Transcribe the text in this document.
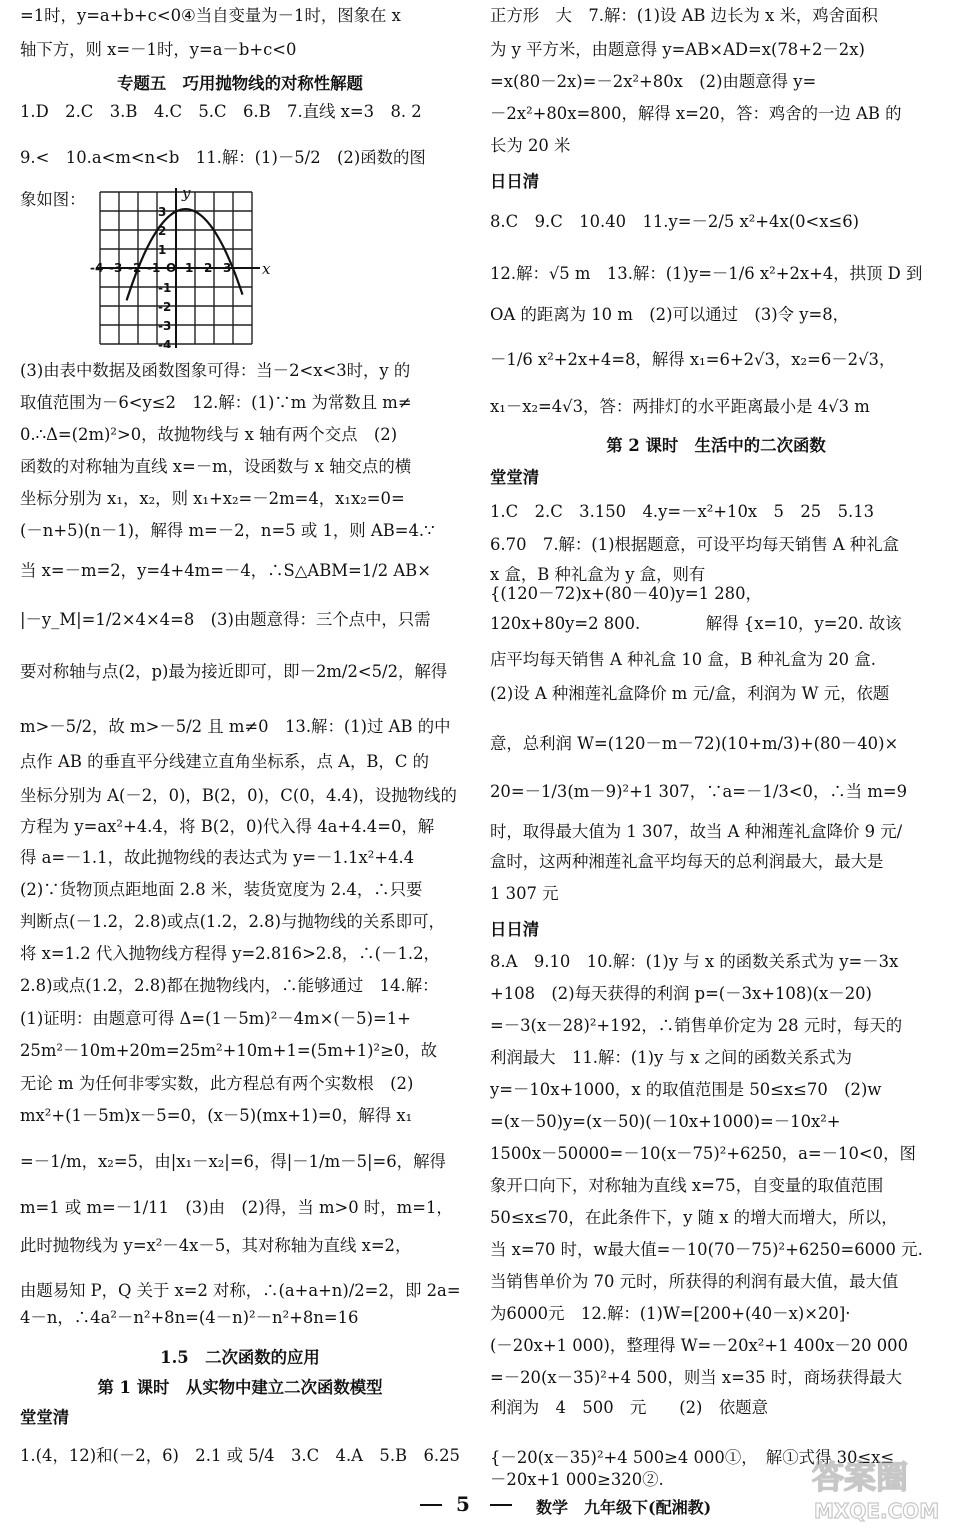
=1时，y=a+b+c<0④当自变量为－1时，图象在 x
轴下方，则 x=－1时，y=a－b+c<0
专题五　巧用抛物线的对称性解题
1.D　2.C　3.B　4.C　5.C　6.B　7.直线 x=3　8. 2
9.<　10.a<m<n<b　11.解：(1)－5/2　(2)函数的图
象如图：
(3)由表中数据及函数图象可得：当－2<x<3时，y 的
取值范围为－6<y≤2　12.解：(1)∵m 为常数且 m≠
0.∴Δ=(2m)²>0，故抛物线与 x 轴有两个交点　(2)
函数的对称轴为直线 x=－m，设函数与 x 轴交点的横
坐标分别为 x₁，x₂，则 x₁+x₂=－2m=4，x₁x₂=0=
(－n+5)(n－1)，解得 m=－2，n=5 或 1，则 AB=4.∵
当 x=－m=2，y=4+4m=－4，∴S△ABM=1/2 AB×
|－y_M|=1/2×4×4=8　(3)由题意得：三个点中，只需
要对称轴与点(2，p)最为接近即可，即－2m/2<5/2，解得
m>－5/2，故 m>－5/2 且 m≠0　13.解：(1)过 AB 的中
点作 AB 的垂直平分线建立直角坐标系，点 A，B，C 的
坐标分别为 A(－2，0)，B(2，0)，C(0，4.4)，设抛物线的
方程为 y=ax²+4.4，将 B(2，0)代入得 4a+4.4=0，解
得 a=－1.1，故此抛物线的表达式为 y=－1.1x²+4.4
(2)∵货物顶点距地面 2.8 米，装货宽度为 2.4，∴只要
判断点(－1.2，2.8)或点(1.2，2.8)与抛物线的关系即可，
将 x=1.2 代入抛物线方程得 y=2.816>2.8，∴(－1.2，
2.8)或点(1.2，2.8)都在抛物线内，∴能够通过　14.解：
(1)证明：由题意可得 Δ=(1－5m)²－4m×(－5)=1+
25m²－10m+20m=25m²+10m+1=(5m+1)²≥0，故
无论 m 为任何非零实数，此方程总有两个实数根　(2)
mx²+(1－5m)x－5=0，(x－5)(mx+1)=0，解得 x₁
=－1/m，x₂=5，由|x₁－x₂|=6，得|－1/m－5|=6，解得
m=1 或 m=－1/11　(3)由　(2)得，当 m>0 时，m=1，
此时抛物线为 y=x²－4x－5，其对称轴为直线 x=2，
由题易知 P，Q 关于 x=2 对称，∴(a+a+n)/2=2，即 2a=
4－n，∴4a²－n²+8n=(4－n)²－n²+8n=16
1.5　二次函数的应用
第 1 课时　从实物中建立二次函数模型
堂堂清
1.(4，12)和(－2，6)　2.1 或 5/4　3.C　4.A　5.B　6.25
正方形　大　7.解：(1)设 AB 边长为 x 米，鸡舍面积
为 y 平方米，由题意得 y=AB×AD=x(78+2－2x)
=x(80－2x)=－2x²+80x　(2)由题意得 y=
－2x²+80x=800，解得 x=20，答：鸡舍的一边 AB 的
长为 20 米
日日清
8.C　9.C　10.40　11.y=－2/5 x²+4x(0<x≤6)
12.解：√5 m　13.解：(1)y=－1/6 x²+2x+4，拱顶 D 到
OA 的距离为 10 m　(2)可以通过　(3)令 y=8，
－1/6 x²+2x+4=8，解得 x₁=6+2√3，x₂=6－2√3，
x₁－x₂=4√3，答：两排灯的水平距离最小是 4√3 m
第 2 课时　生活中的二次函数
堂堂清
1.C　2.C　3.150　4.y=－x²+10x　5　25　5.13
6.70　7.解：(1)根据题意，可设平均每天销售 A 种礼盒
x 盒，B 种礼盒为 y 盒，则有
{(120－72)x+(80－40)y=1 280，
120x+80y=2 800.　　　　解得 {x=10，y=20. 故该
店平均每天销售 A 种礼盒 10 盒，B 种礼盒为 20 盒.
(2)设 A 种湘莲礼盒降价 m 元/盒，利润为 W 元，依题
意，总利润 W=(120－m－72)(10+m/3)+(80－40)×
20=－1/3(m－9)²+1 307，∵a=－1/3<0，∴当 m=9
时，取得最大值为 1 307，故当 A 种湘莲礼盒降价 9 元/
盒时，这两种湘莲礼盒平均每天的总利润最大，最大是
1 307 元
日日清
8.A　9.10　10.解：(1)y 与 x 的函数关系式为 y=－3x
+108　(2)每天获得的利润 p=(－3x+108)(x－20)
=－3(x－28)²+192，∴销售单价定为 28 元时，每天的
利润最大　11.解：(1)y 与 x 之间的函数关系式为
y=－10x+1000，x 的取值范围是 50≤x≤70　(2)w
=(x－50)y=(x－50)(－10x+1000)=－10x²+
1500x－50000=－10(x－75)²+6250，a=－10<0，图
象开口向下，对称轴为直线 x=75，自变量的取值范围
50≤x≤70，在此条件下，y 随 x 的增大而增大，所以，
当 x=70 时，w最大值=－10(70－75)²+6250=6000 元.
当销售单价为 70 元时，所获得的利润有最大值，最大值
为6000元　12.解：(1)W=[200+(40－x)×20]·
(－20x+1 000)，整理得 W=－20x²+1 400x－20 000
=－20(x－35)²+4 500，则当 x=35 时，商场获得最大
利润为　4　500　元　　(2)　依题意
{－20(x－35)²+4 500≥4 000①，　解①式得 30≤x≤
－20x+1 000≥320②.
-4 -3 -2 -1 O 1 2 3
3
2
1
-1
-2
-3
-4
x
y
5	数学　九年级下(配湘教)
答案圈
MXQE.COM
